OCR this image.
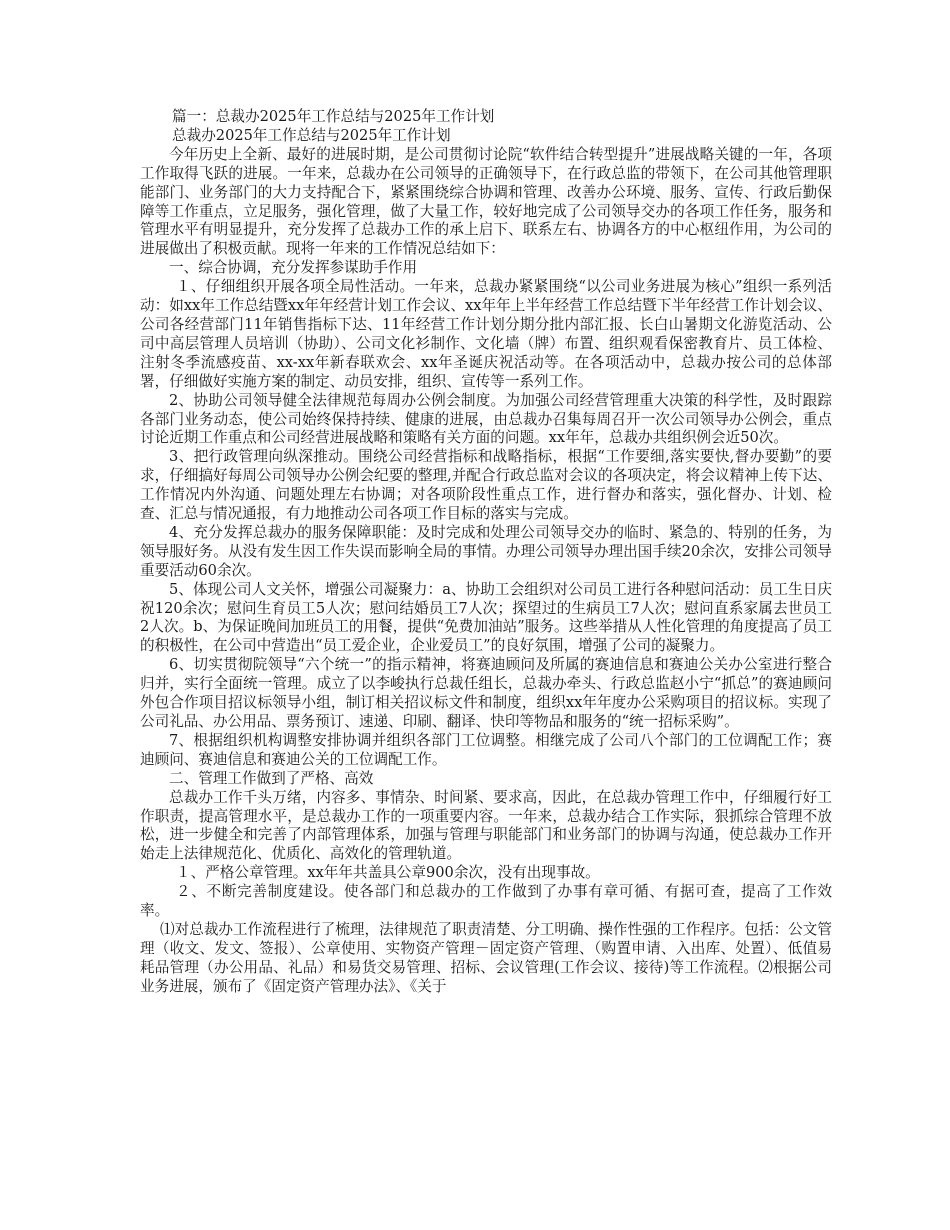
篇一：总裁办2025年工作总结与2025年工作计划
总裁办2025年工作总结与2025年工作计划

今年历史上全新、最好的进展时期，是公司贯彻讨论院“软件结合转型提升”进展战略关键的一年，各项工作取得飞跃的进展。一年来，总裁办在公司领导的正确领导下，在行政总监的带领下，在公司其他管理职能部门、业务部门的大力支持配合下，紧紧围绕综合协调和管理、改善办公环境、服务、宣传、行政后勤保障等工作重点，立足服务，强化管理，做了大量工作，较好地完成了公司领导交办的各项工作任务，服务和管理水平有明显提升，充分发挥了总裁办工作的承上启下、联系左右、协调各方的中心枢纽作用，为公司的进展做出了积极贡献。现将一年来的工作情况总结如下：

一、综合协调，充分发挥参谋助手作用

１、仔细组织开展各项全局性活动。一年来，总裁办紧紧围绕“以公司业务进展为核心”组织一系列活动：如xx年工作总结暨xx年年经营计划工作会议、xx年年上半年经营工作总结暨下半年经营工作计划会议、公司各经营部门11年销售指标下达、11年经营工作计划分期分批内部汇报、长白山暑期文化游览活动、公司中高层管理人员培训（协助）、公司文化衫制作、文化墙（牌）布置、组织观看保密教育片、员工体检、注射冬季流感疫苗、xx-xx年新春联欢会、xx年圣诞庆祝活动等。在各项活动中，总裁办按公司的总体部署，仔细做好实施方案的制定、动员安排，组织、宣传等一系列工作。

2、协助公司领导健全法律规范每周办公例会制度。为加强公司经营管理重大决策的科学性，及时跟踪各部门业务动态，使公司始终保持持续、健康的进展，由总裁办召集每周召开一次公司领导办公例会，重点讨论近期工作重点和公司经营进展战略和策略有关方面的问题。xx年年，总裁办共组织例会近50次。

3、把行政管理向纵深推动。围绕公司经营指标和战略指标，根据“工作要细,落实要快,督办要勤”的要求，仔细搞好每周公司领导办公例会纪要的整理,并配合行政总监对会议的各项决定，将会议精神上传下达、工作情况内外沟通、问题处理左右协调；对各项阶段性重点工作，进行督办和落实，强化督办、计划、检查、汇总与情况通报，有力地推动公司各项工作目标的落实与完成。

4、充分发挥总裁办的服务保障职能：及时完成和处理公司领导交办的临时、紧急的、特别的任务，为领导服好务。从没有发生因工作失误而影响全局的事情。办理公司领导办理出国手续20余次，安排公司领导重要活动60余次。

5、体现公司人文关怀，增强公司凝聚力：a、协助工会组织对公司员工进行各种慰问活动：员工生日庆祝120余次；慰问生育员工5人次；慰问结婚员工7人次；探望过的生病员工7人次；慰问直系家属去世员工2人次。b、为保证晚间加班员工的用餐，提供“免费加油站”服务。这些举措从人性化管理的角度提高了员工的积极性，在公司中营造出“员工爱企业，企业爱员工”的良好氛围，增强了公司的凝聚力。

6、切实贯彻院领导“六个统一”的指示精神，将赛迪顾问及所属的赛迪信息和赛迪公关办公室进行整合归并，实行全面统一管理。成立了以李峻执行总裁任组长，总裁办牵头、行政总监赵小宁“抓总”的赛迪顾问外包合作项目招议标领导小组，制订相关招议标文件和制度，组织xx年年度办公采购项目的招议标。实现了公司礼品、办公用品、票务预订、速递、印刷、翻译、快印等物品和服务的“统一招标采购”。

7、根据组织机构调整安排协调并组织各部门工位调整。相继完成了公司八个部门的工位调配工作；赛迪顾问、赛迪信息和赛迪公关的工位调配工作。

二、管理工作做到了严格、高效

总裁办工作千头万绪，内容多、事情杂、时间紧、要求高，因此，在总裁办管理工作中，仔细履行好工作职责，提高管理水平，是总裁办工作的一项重要内容。一年来，总裁办结合工作实际，狠抓综合管理不放松，进一步健全和完善了内部管理体系，加强与管理与职能部门和业务部门的协调与沟通，使总裁办工作开始走上法律规范化、优质化、高效化的管理轨道。

１、严格公章管理。xx年年共盖具公章900余次，没有出现事故。

２、不断完善制度建设。使各部门和总裁办的工作做到了办事有章可循、有据可查，提高了工作效率。

⑴对总裁办工作流程进行了梳理，法律规范了职责清楚、分工明确、操作性强的工作程序。包括：公文管理（收文、发文、签报）、公章使用、实物资产管理－固定资产管理、（购置申请、入出库、处置）、低值易耗品管理（办公用品、礼品）和易货交易管理、招标、会议管理(工作会议、接待)等工作流程。⑵根据公司业务进展，颁布了《固定资产管理办法》、《关于
